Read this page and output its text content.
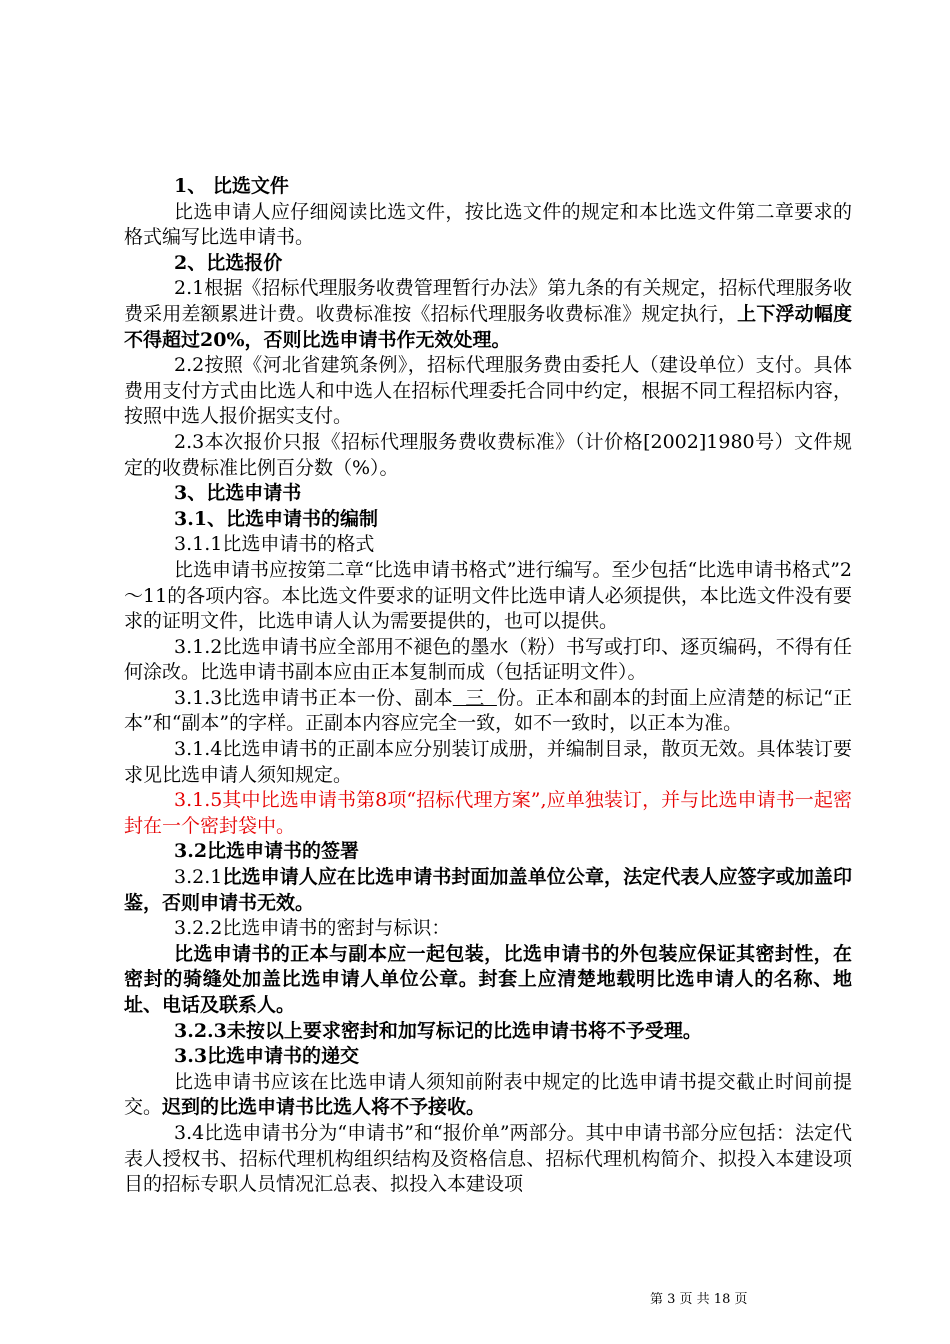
1、 比选文件

比选申请人应仔细阅读比选文件，按比选文件的规定和本比选文件第二章要求的格式编写比选申请书。

2、比选报价

2.1根据《招标代理服务收费管理暂行办法》第九条的有关规定，招标代理服务收费采用差额累进计费。收费标准按《招标代理服务收费标准》规定执行，上下浮动幅度不得超过20%，否则比选申请书作无效处理。

2.2按照《河北省建筑条例》，招标代理服务费由委托人（建设单位）支付。具体费用支付方式由比选人和中选人在招标代理委托合同中约定，根据不同工程招标内容，按照中选人报价据实支付。

2.3本次报价只报《招标代理服务费收费标准》（计价格[2002]1980号）文件规定的收费标准比例百分数（%）。

3、比选申请书

3.1、比选申请书的编制

3.1.1比选申请书的格式

比选申请书应按第二章“比选申请书格式”进行编写。至少包括“比选申请书格式”2～11的各项内容。本比选文件要求的证明文件比选申请人必须提供，本比选文件没有要求的证明文件，比选申请人认为需要提供的，也可以提供。

3.1.2比选申请书应全部用不褪色的墨水（粉）书写或打印、逐页编码，不得有任何涂改。比选申请书副本应由正本复制而成（包括证明文件）。

3.1.3比选申请书正本一份、副本  三  份。正本和副本的封面上应清楚的标记“正本”和“副本”的字样。正副本内容应完全一致，如不一致时，以正本为准。

3.1.4比选申请书的正副本应分别装订成册，并编制目录，散页无效。具体装订要求见比选申请人须知规定。

3.1.5其中比选申请书第8项“招标代理方案”,应单独装订，并与比选申请书一起密封在一个密封袋中。

3.2比选申请书的签署

3.2.1比选申请人应在比选申请书封面加盖单位公章，法定代表人应签字或加盖印鉴，否则申请书无效。

3.2.2比选申请书的密封与标识：

比选申请书的正本与副本应一起包装，比选申请书的外包装应保证其密封性，在密封的骑缝处加盖比选申请人单位公章。封套上应清楚地载明比选申请人的名称、地址、电话及联系人。

3.2.3未按以上要求密封和加写标记的比选申请书将不予受理。

3.3比选申请书的递交

比选申请书应该在比选申请人须知前附表中规定的比选申请书提交截止时间前提交。迟到的比选申请书比选人将不予接收。

3.4比选申请书分为“申请书”和“报价单”两部分。其中申请书部分应包括：法定代表人授权书、招标代理机构组织结构及资格信息、招标代理机构简介、拟投入本建设项目的招标专职人员情况汇总表、拟投入本建设项

第 3 页 共 18 页
